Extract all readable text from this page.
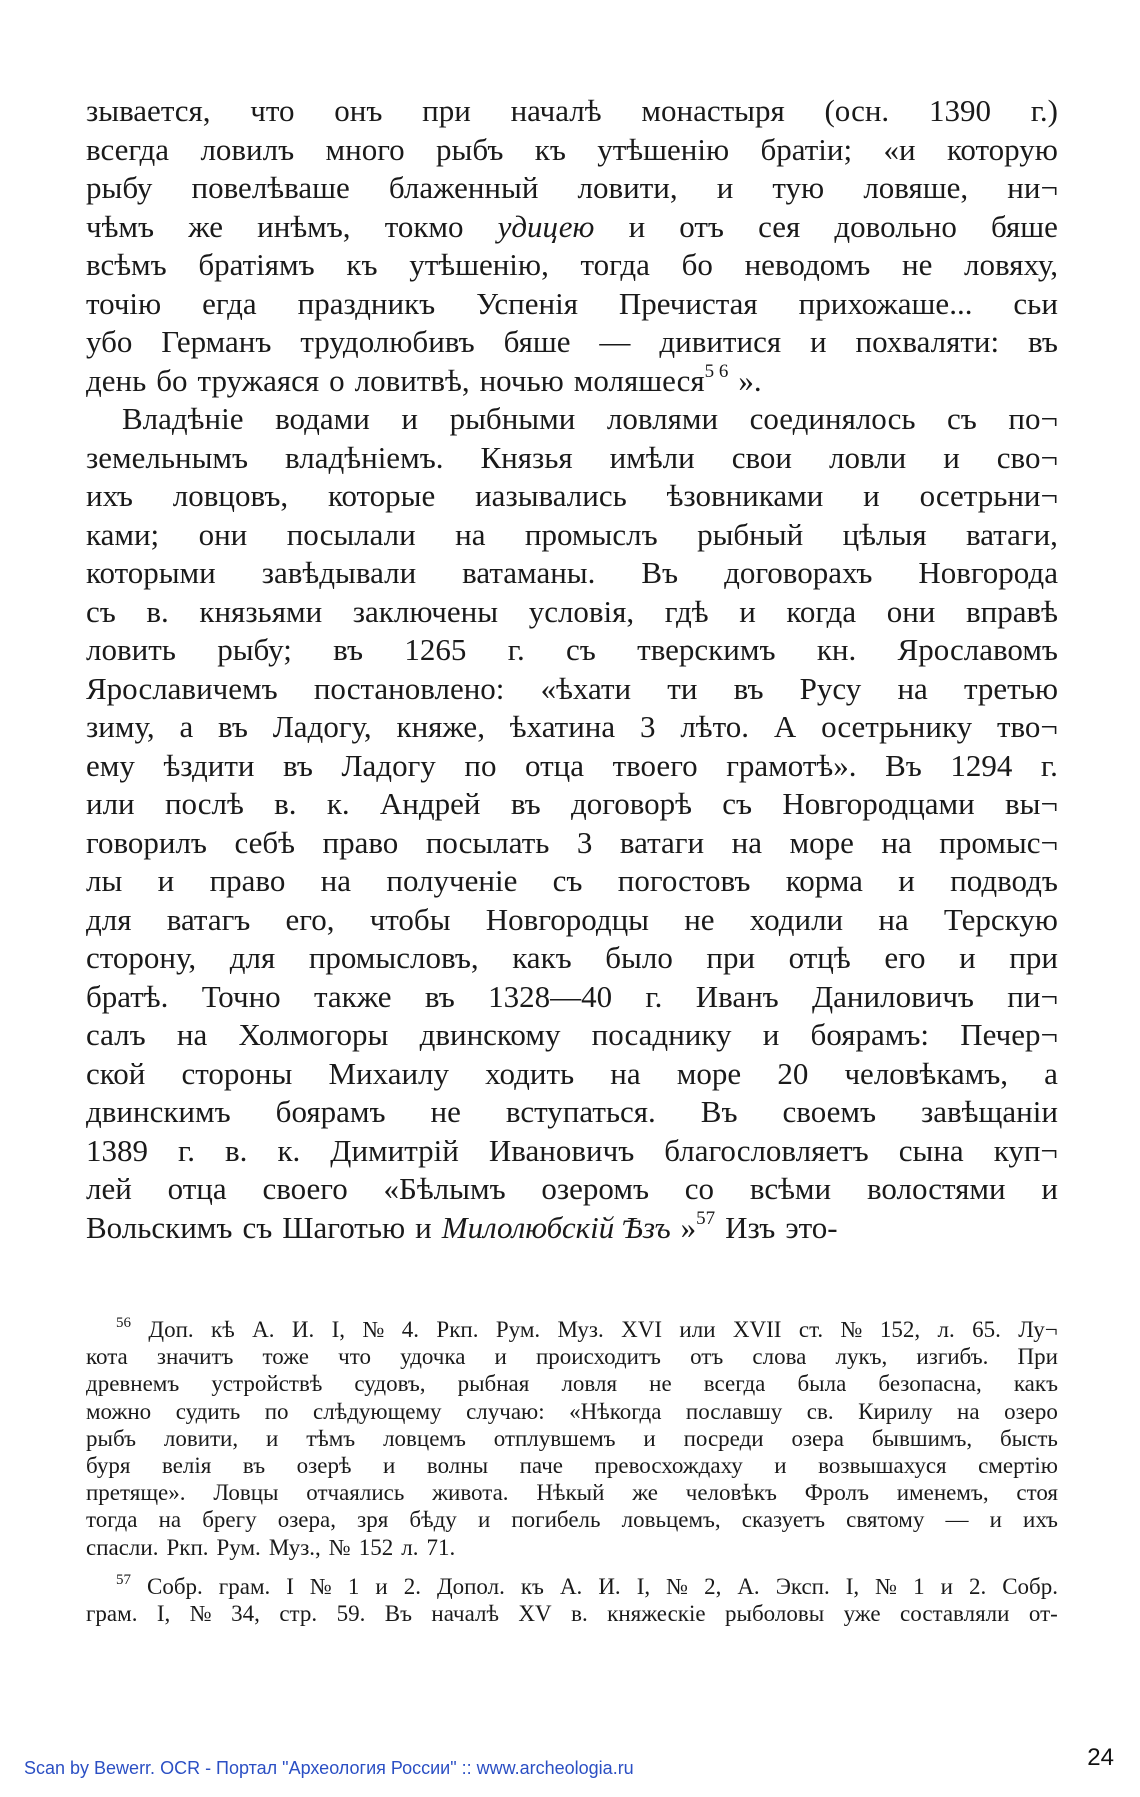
зывается, что онъ при началѣ монастыря (осн. 1390 г.)
всегда ловилъ много рыбъ къ утѣшенію братіи; «и которую
рыбу повелѣваше блаженный ловити, и тую ловяше, ни¬
чѣмъ же инѣмъ, токмо удицею и отъ сея довольно бяше
всѣмъ братіямъ къ утѣшенію, тогда бо неводомъ не ловяху,
точію егда праздникъ Успенія Пречистая прихожаше... сьи
убо Германъ трудолюбивъ бяше — дивитися и похваляти: въ
день бо тружаяся о ловитвѣ, ночью моляшеся$^{5 6}$ ».
Владѣніе водами и рыбными ловлями соединялось съ по¬
земельнымъ владѣніемъ. Князья имѣли свои ловли и сво¬
ихъ ловцовъ, которые иазывались ѣзовниками и осетрьни¬
ками; они посылали на промыслъ рыбный цѣлыя ватаги,
которыми завѣдывали ватаманы. Въ договорахъ Новгорода
съ в. князьями заключены условія, гдѣ и когда они вправѣ
ловить рыбу; въ 1265 г. съ тверскимъ кн. Ярославомъ
Ярославичемъ постановлено: «ѣхати ти въ Русу на третью
зиму, а въ Ладогу, княже, ѣхатина 3 лѣто. А осетрьнику тво¬
ему ѣздити въ Ладогу по отца твоего грамотѣ». Въ 1294 г.
или послѣ в. к. Андрей въ договорѣ съ Новгородцами вы¬
говорилъ себѣ право посылать 3 ватаги на море на промыс¬
лы и право на полученіе съ погостовъ корма и подводъ
для ватагъ его, чтобы Новгородцы не ходили на Терскую
сторону, для промысловъ, какъ было при отцѣ его и при
братѣ. Точно также въ 1328—40 г. Иванъ Даниловичъ пи¬
салъ на Холмогоры двинскому посаднику и боярамъ: Печер¬
ской стороны Михаилу ходить на море 20 человѣкамъ, а
двинскимъ боярамъ не вступаться. Въ своемъ завѣщаніи
1389 г. в. к. Димитрій Ивановичъ благословляетъ сына куп¬
лей отца своего «Бѣлымъ озеромъ со всѣми волостями и
Вольскимъ съ Шаготью и Милолюбскій Ѣзъ »$^{57}$ Изъ это-
$^{56}$ Доп. кѣ А. И. I, № 4. Ркп. Рум. Муз. XVI или XVII ст. № 152, л. 65. Лу¬
кота значитъ тоже что удочка и происходитъ отъ слова лукъ, изгибъ. При
древнемъ устройствѣ судовъ, рыбная ловля не всегда была безопасна, какъ
можно судить по слѣдующему случаю: «Нѣкогда пославшу св. Кирилу на озеро
рыбъ ловити, и тѣмъ ловцемъ отплувшемъ и посреди озера бывшимъ, бысть
буря велія въ озерѣ и волны паче превосхождаху и возвышахуся смертію
претящe». Ловцы отчаялись живота. Нѣкый же человѣкъ Фролъ именемъ, стоя
тогда на брегу озера, зря бѣду и погибель ловьцемъ, сказуетъ святому — и ихъ
спасли. Ркп. Рум. Муз., № 152 л. 71.
$^{57}$ Собр. грам. I № 1 и 2. Допол. къ А. И. I, № 2, А. Эксп. I, № 1 и 2. Собр.
грам. I, № 34, стр. 59. Въ началѣ XV в. княжескіе рыболовы уже составляли от-
Scan by Bewerr. OCR - Портал "Археология России" :: www.archeologia.ru	24
